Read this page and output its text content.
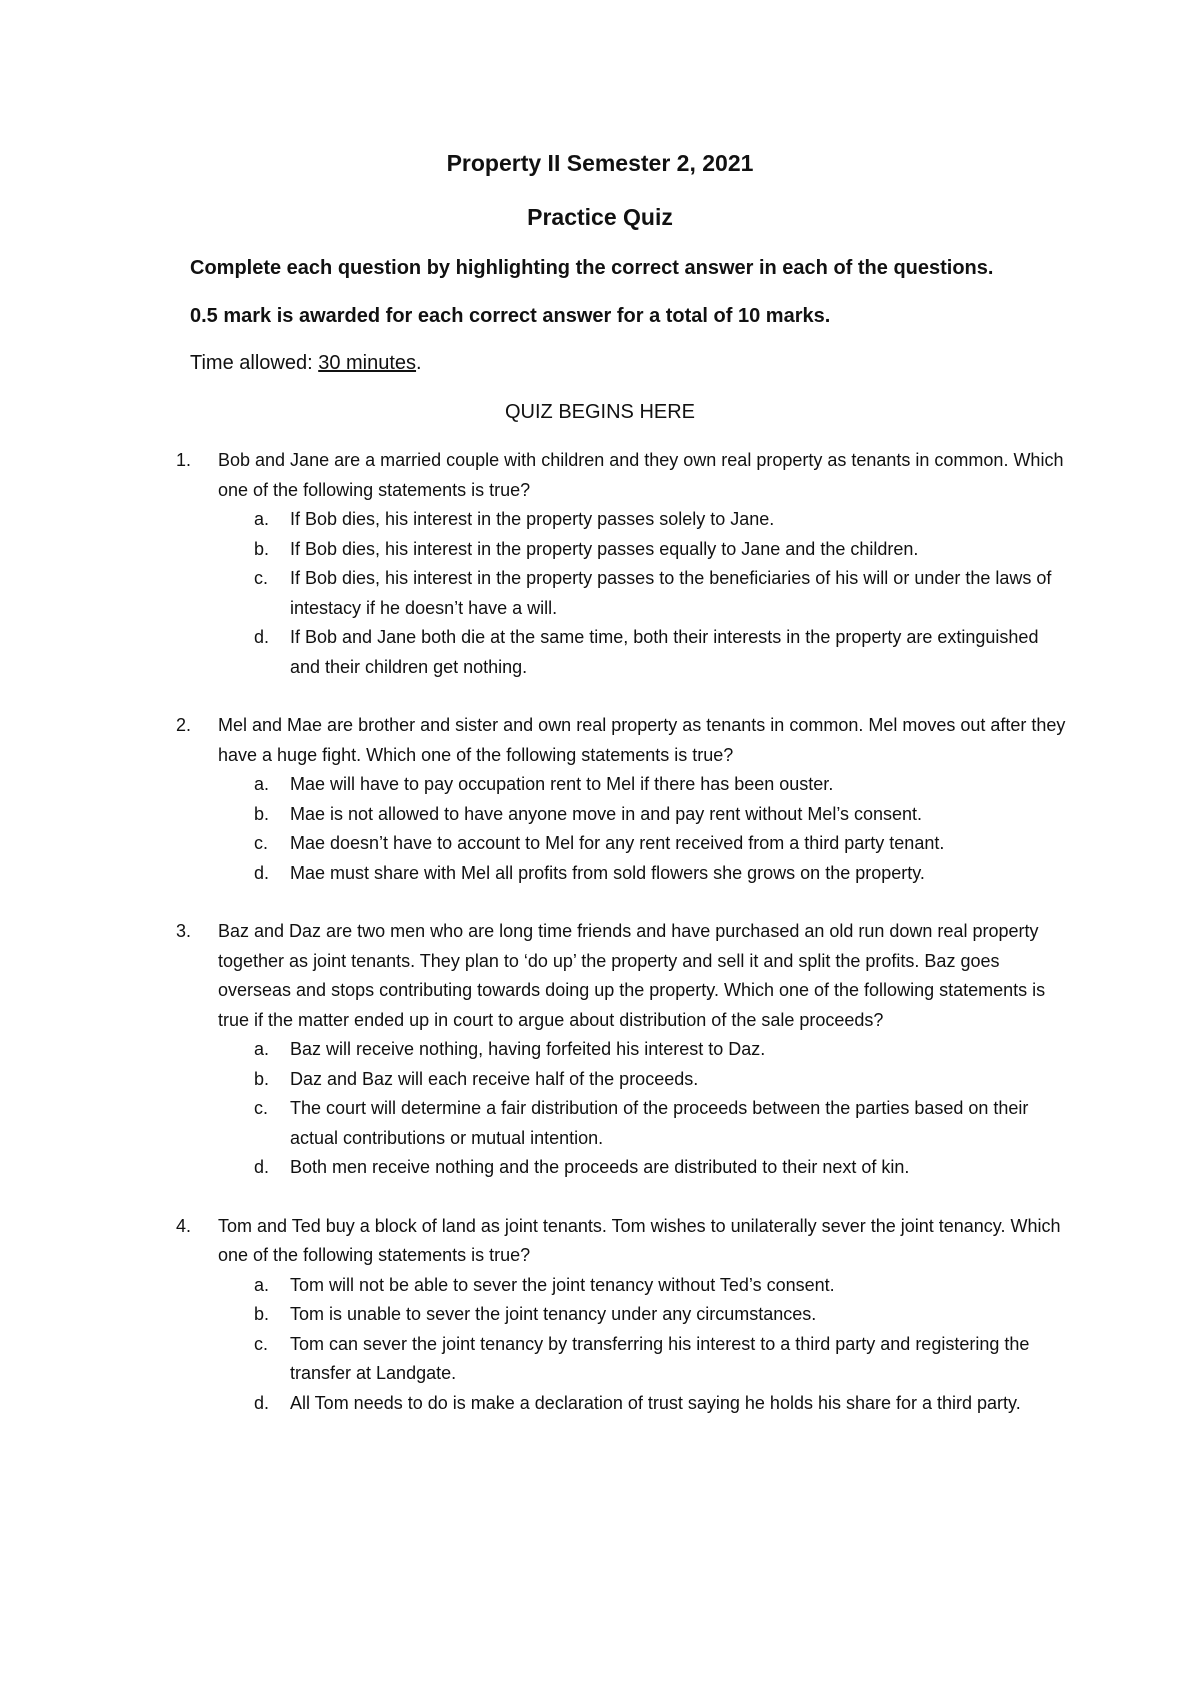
Property II Semester 2, 2021
Practice Quiz
Complete each question by highlighting the correct answer in each of the questions.
0.5 mark is awarded for each correct answer for a total of 10 marks.
Time allowed: 30 minutes.
QUIZ BEGINS HERE
1. Bob and Jane are a married couple with children and they own real property as tenants in common. Which one of the following statements is true?
a. If Bob dies, his interest in the property passes solely to Jane.
b. If Bob dies, his interest in the property passes equally to Jane and the children.
c. If Bob dies, his interest in the property passes to the beneficiaries of his will or under the laws of intestacy if he doesn’t have a will.
d. If Bob and Jane both die at the same time, both their interests in the property are extinguished and their children get nothing.
2. Mel and Mae are brother and sister and own real property as tenants in common. Mel moves out after they have a huge fight. Which one of the following statements is true?
a. Mae will have to pay occupation rent to Mel if there has been ouster.
b. Mae is not allowed to have anyone move in and pay rent without Mel’s consent.
c. Mae doesn’t have to account to Mel for any rent received from a third party tenant.
d. Mae must share with Mel all profits from sold flowers she grows on the property.
3. Baz and Daz are two men who are long time friends and have purchased an old run down real property together as joint tenants. They plan to ‘do up’ the property and sell it and split the profits. Baz goes overseas and stops contributing towards doing up the property. Which one of the following statements is true if the matter ended up in court to argue about distribution of the sale proceeds?
a. Baz will receive nothing, having forfeited his interest to Daz.
b. Daz and Baz will each receive half of the proceeds.
c. The court will determine a fair distribution of the proceeds between the parties based on their actual contributions or mutual intention.
d. Both men receive nothing and the proceeds are distributed to their next of kin.
4. Tom and Ted buy a block of land as joint tenants. Tom wishes to unilaterally sever the joint tenancy. Which one of the following statements is true?
a. Tom will not be able to sever the joint tenancy without Ted’s consent.
b. Tom is unable to sever the joint tenancy under any circumstances.
c. Tom can sever the joint tenancy by transferring his interest to a third party and registering the transfer at Landgate.
d. All Tom needs to do is make a declaration of trust saying he holds his share for a third party.
